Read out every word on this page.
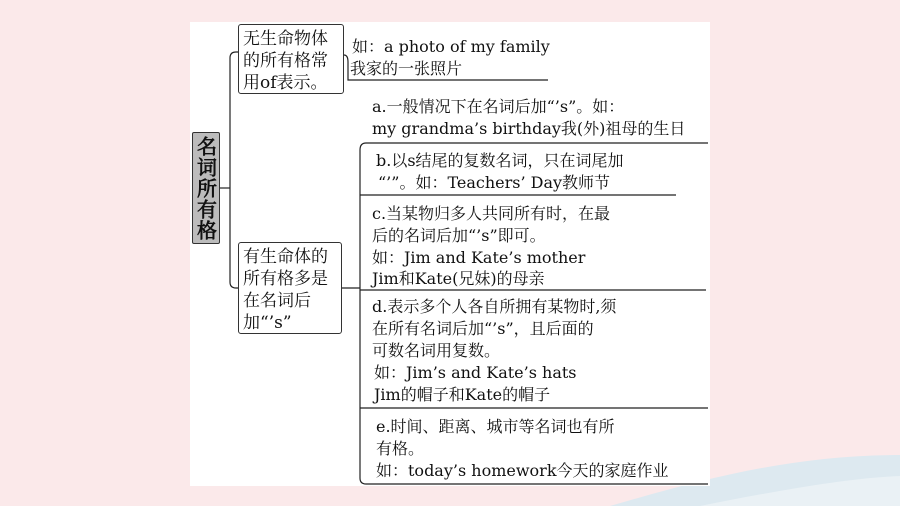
名词所有格
无生命物体的所有格常用of表示。
如：a photo of my family
我家的一张照片
有生命体的所有格多是在名词后加“’s”
a.一般情况下在名词后加“’s”。如：
my grandma’s birthday我(外)祖母的生日
b.以s结尾的复数名词，只在词尾加
“’”。如：Teachers’ Day教师节
c.当某物归多人共同所有时，在最
后的名词后加“’s”即可。
如：Jim and Kate’s mother
Jim和Kate(兄妹)的母亲
d.表示多个人各自所拥有某物时,须
在所有名词后加“’s”，且后面的
可数名词用复数。
如：Jim’s and Kate’s hats
Jim的帽子和Kate的帽子
e.时间、距离、城市等名词也有所
有格。
如：today’s homework今天的家庭作业
